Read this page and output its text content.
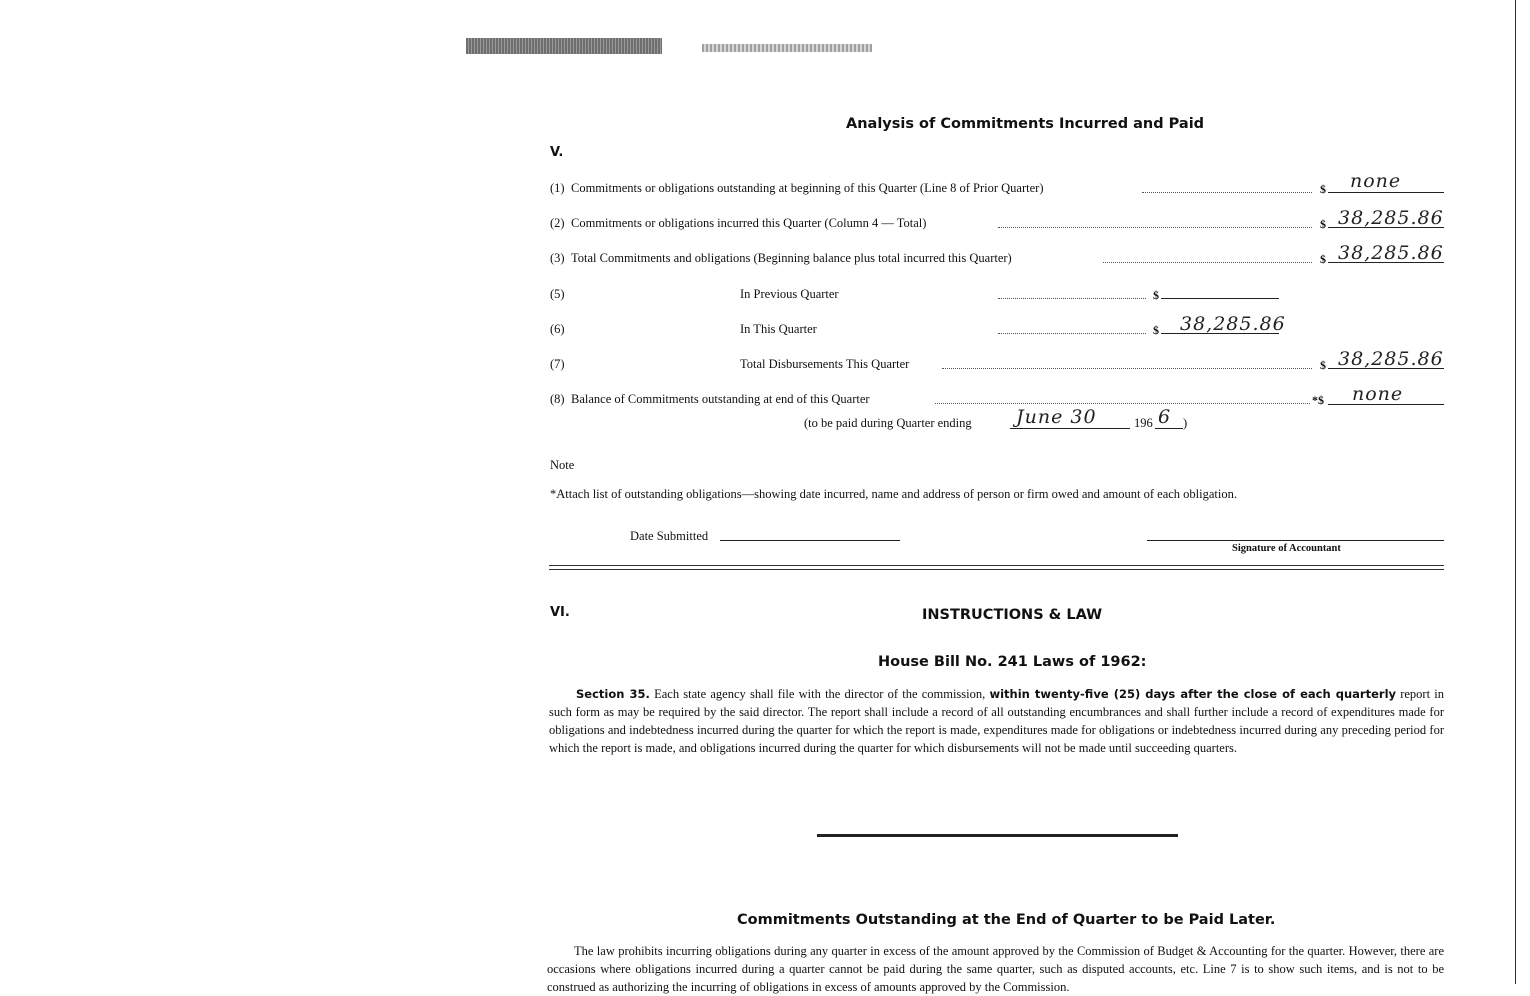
Analysis of Commitments Incurred and Paid
V.
(1) Commitments or obligations outstanding at beginning of this Quarter (Line 8 of Prior Quarter)	$ none
(2) Commitments or obligations incurred this Quarter (Column 4 — Total)	$ 38,285.86
(3) Total Commitments and obligations (Beginning balance plus total incurred this Quarter)	$ 38,285.86
(5)	In Previous Quarter	$
(6)	In This Quarter	$ 38,285.86
(7)	Total Disbursements This Quarter	$ 38,285.86
(8) Balance of Commitments outstanding at end of this Quarter	*$ none
(to be paid during Quarter ending June 30	196 6 )
Note
*Attach list of outstanding obligations—showing date incurred, name and address of person or firm owed and amount of each obligation.
Date Submitted
Signature of Accountant
VI.	INSTRUCTIONS & LAW
House Bill No. 241 Laws of 1962:
Section 35. Each state agency shall file with the director of the commission, within twenty-five (25) days after the close of each quarterly report in such form as may be required by the said director. The report shall include a record of all outstanding encumbrances and shall further include a record of expenditures made for obligations and indebtedness incurred during the quarter for which the report is made, expenditures made for obligations or indebtedness incurred during any preceding period for which the report is made, and obligations incurred during the quarter for which disbursements will not be made until succeeding quarters.
Commitments Outstanding at the End of Quarter to be Paid Later.
The law prohibits incurring obligations during any quarter in excess of the amount approved by the Commission of Budget & Accounting for the quarter. However, there are occasions where obligations incurred during a quarter cannot be paid during the same quarter, such as disputed accounts, etc. Line 7 is to show such items, and is not to be construed as authorizing the incurring of obligations in excess of amounts approved by the Commission.
